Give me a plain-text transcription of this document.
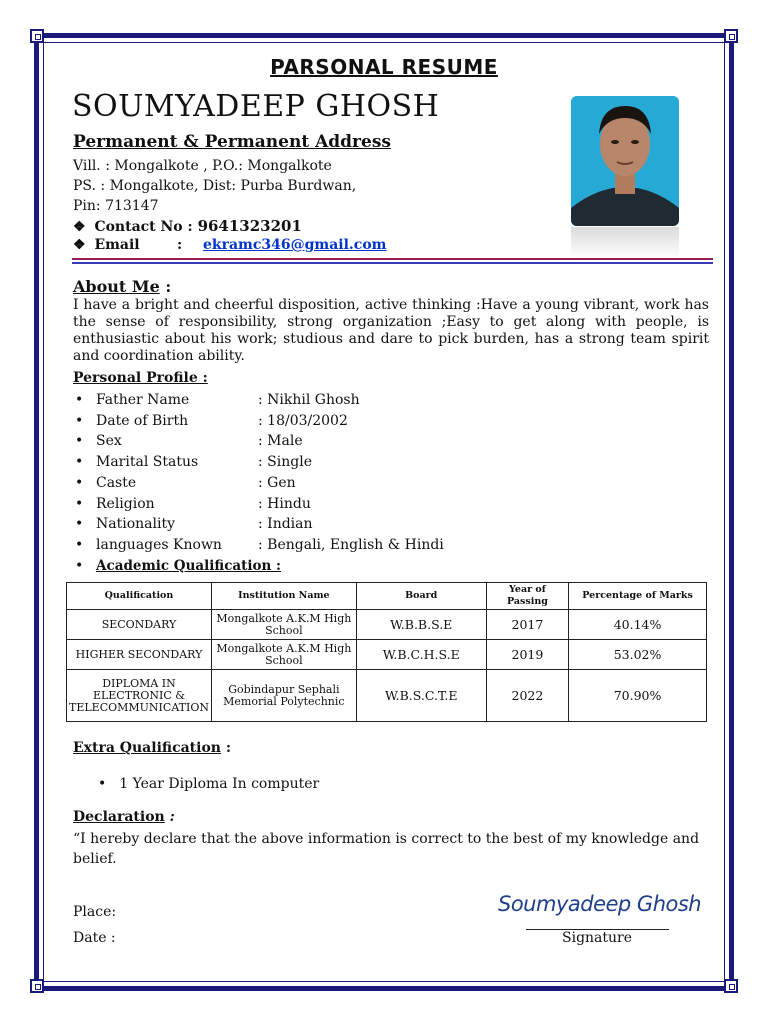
PARSONAL RESUME
SOUMYADEEP GHOSH
Permanent & Permanent Address
Vill. : Mongalkote , P.O.: Mongalkote
PS. : Mongalkote, Dist: Purba Burdwan,
Pin: 713147
❖ Contact No : 9641323201
❖ Email	: ekramc346@gmail.com
About Me :
I have a bright and cheerful disposition, active thinking :Have a young vibrant, work has the sense of responsibility, strong organization ;Easy to get along with people, is enthusiastic about his work; studious and dare to pick burden, has a strong team spirit and coordination ability.
Personal Profile :
• Father Name	: Nikhil Ghosh
• Date of Birth	: 18/03/2002
• Sex	: Male
• Marital Status	: Single
• Caste	: Gen
• Religion	: Hindu
• Nationality	: Indian
• languages Known	: Bengali, English & Hindi
• Academic Qualification :
Qualification	Institution Name	Board	Year of Passing	Percentage of Marks
SECONDARY	Mongalkote A.K.M High School	W.B.B.S.E	2017	40.14%
HIGHER SECONDARY	Mongalkote A.K.M High School	W.B.C.H.S.E	2019	53.02%
DIPLOMA IN ELECTRONIC & TELECOMMUNICATION	Gobindapur Sephali Memorial Polytechnic	W.B.S.C.T.E	2022	70.90%
Extra Qualification :
• 1 Year Diploma In computer
Declaration :
“I hereby declare that the above information is correct to the best of my knowledge and belief.
Place:
Date :
Soumyadeep Ghosh
Signature
